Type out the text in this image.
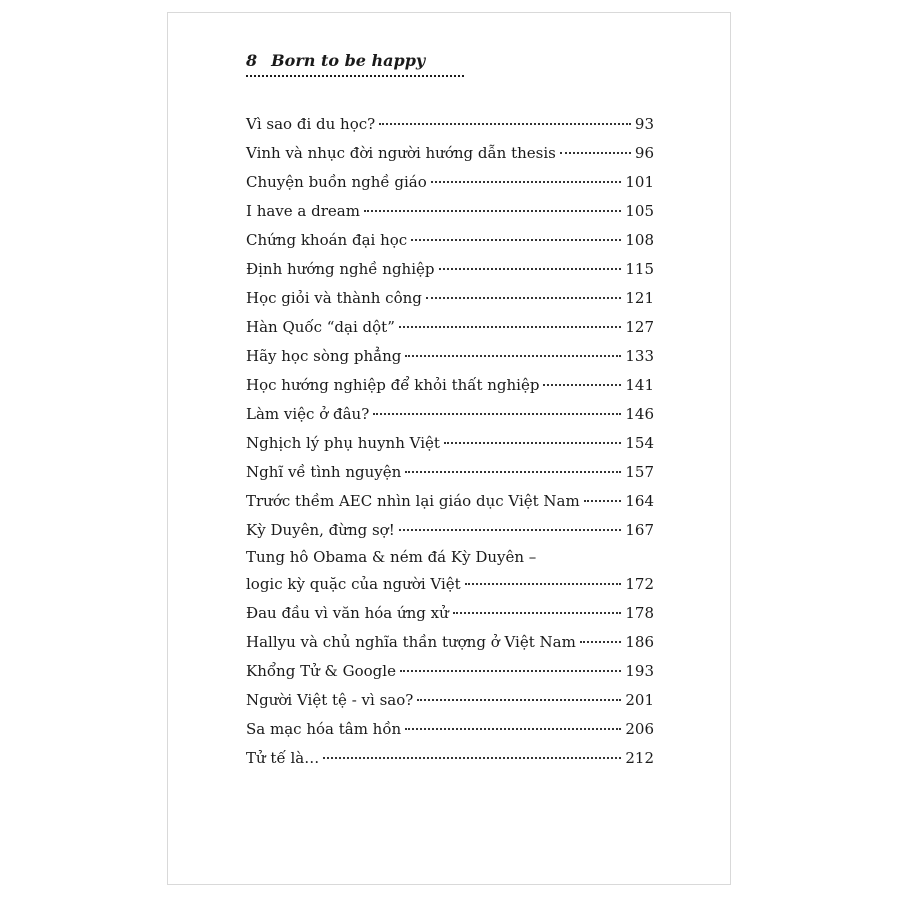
8 Born to be happy
Vì sao đi du học?	93
Vinh và nhục đời người hướng dẫn thesis	96
Chuyện buồn nghề giáo	101
I have a dream	105
Chứng khoán đại học	108
Định hướng nghề nghiệp	115
Học giỏi và thành công	121
Hàn Quốc “dại dột”	127
Hãy học sòng phẳng	133
Học hướng nghiệp để khỏi thất nghiệp	141
Làm việc ở đâu?	146
Nghịch lý phụ huynh Việt	154
Nghĩ về tình nguyện	157
Trước thềm AEC nhìn lại giáo dục Việt Nam	164
Kỳ Duyên, đừng sợ!	167
Tung hô Obama & ném đá Kỳ Duyên –
logic kỳ quặc của người Việt	172
Đau đầu vì văn hóa ứng xử	178
Hallyu và chủ nghĩa thần tượng ở Việt Nam	186
Khổng Tử & Google	193
Người Việt tệ - vì sao?	201
Sa mạc hóa tâm hồn	206
Tử tế là…	212
